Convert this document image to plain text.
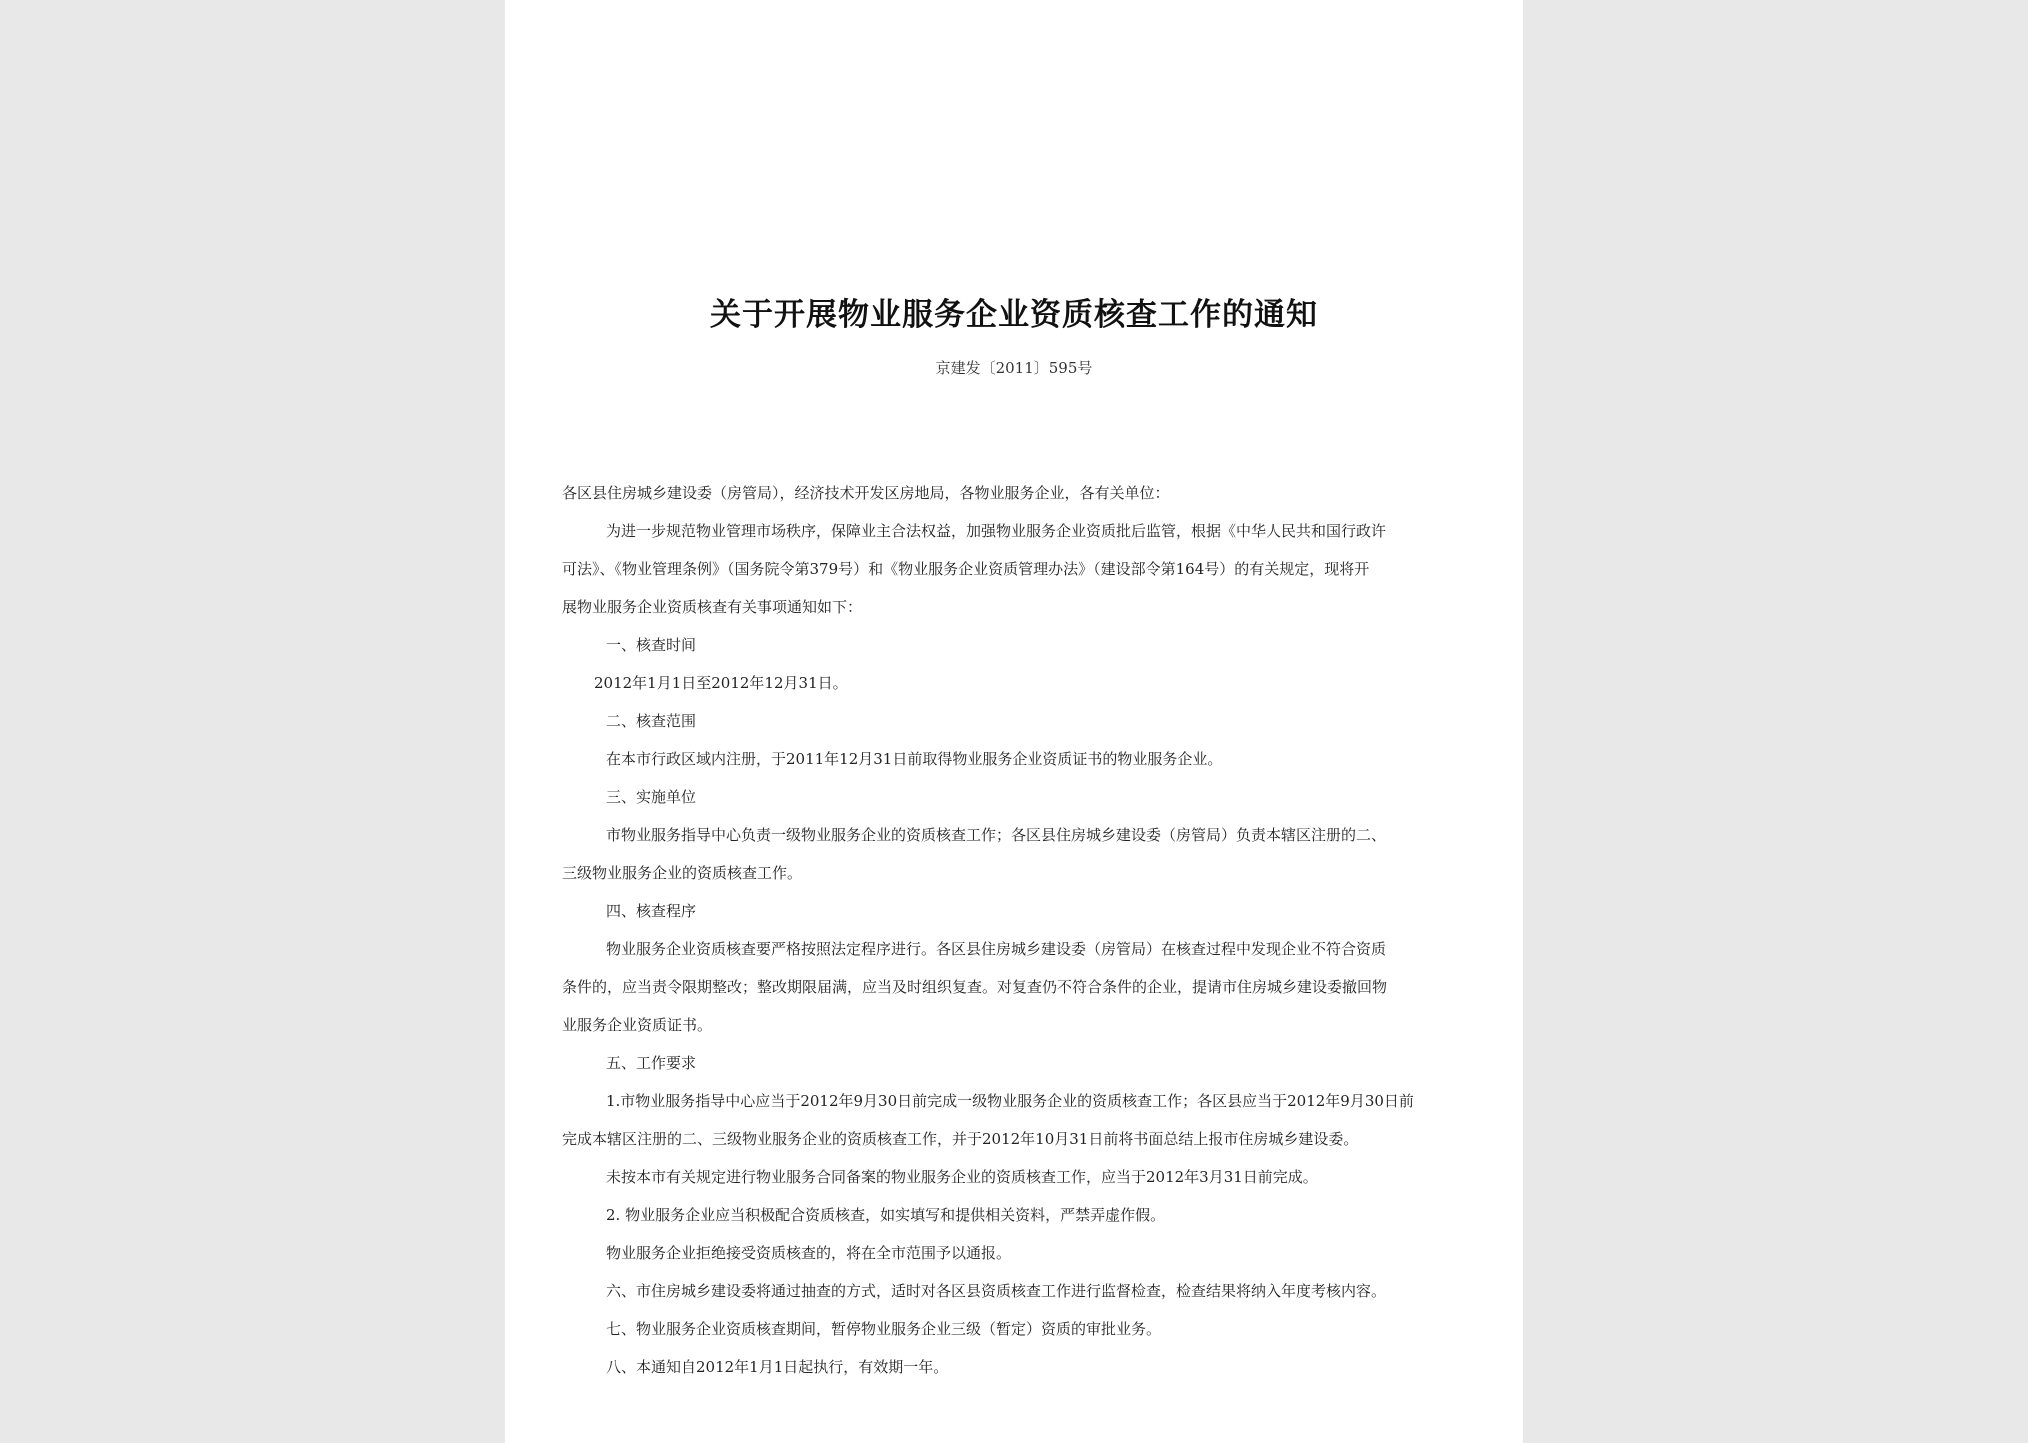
关于开展物业服务企业资质核查工作的通知
京建发〔2011〕595号
各区县住房城乡建设委（房管局），经济技术开发区房地局，各物业服务企业，各有关单位：
为进一步规范物业管理市场秩序，保障业主合法权益，加强物业服务企业资质批后监管，根据《中华人民共和国行政许
可法》、《物业管理条例》（国务院令第379号）和《物业服务企业资质管理办法》（建设部令第164号）的有关规定，现将开
展物业服务企业资质核查有关事项通知如下：
一、核查时间
2012年1月1日至2012年12月31日。
二、核查范围
在本市行政区域内注册，于2011年12月31日前取得物业服务企业资质证书的物业服务企业。
三、实施单位
市物业服务指导中心负责一级物业服务企业的资质核查工作；各区县住房城乡建设委（房管局）负责本辖区注册的二、
三级物业服务企业的资质核查工作。
四、核查程序
物业服务企业资质核查要严格按照法定程序进行。各区县住房城乡建设委（房管局）在核查过程中发现企业不符合资质
条件的，应当责令限期整改；整改期限届满，应当及时组织复查。对复查仍不符合条件的企业，提请市住房城乡建设委撤回物
业服务企业资质证书。
五、工作要求
1.市物业服务指导中心应当于2012年9月30日前完成一级物业服务企业的资质核查工作；各区县应当于2012年9月30日前
完成本辖区注册的二、三级物业服务企业的资质核查工作，并于2012年10月31日前将书面总结上报市住房城乡建设委。
未按本市有关规定进行物业服务合同备案的物业服务企业的资质核查工作，应当于2012年3月31日前完成。
2. 物业服务企业应当积极配合资质核查，如实填写和提供相关资料，严禁弄虚作假。
物业服务企业拒绝接受资质核查的，将在全市范围予以通报。
六、市住房城乡建设委将通过抽查的方式，适时对各区县资质核查工作进行监督检查，检查结果将纳入年度考核内容。
七、物业服务企业资质核查期间，暂停物业服务企业三级（暂定）资质的审批业务。
八、本通知自2012年1月1日起执行，有效期一年。
